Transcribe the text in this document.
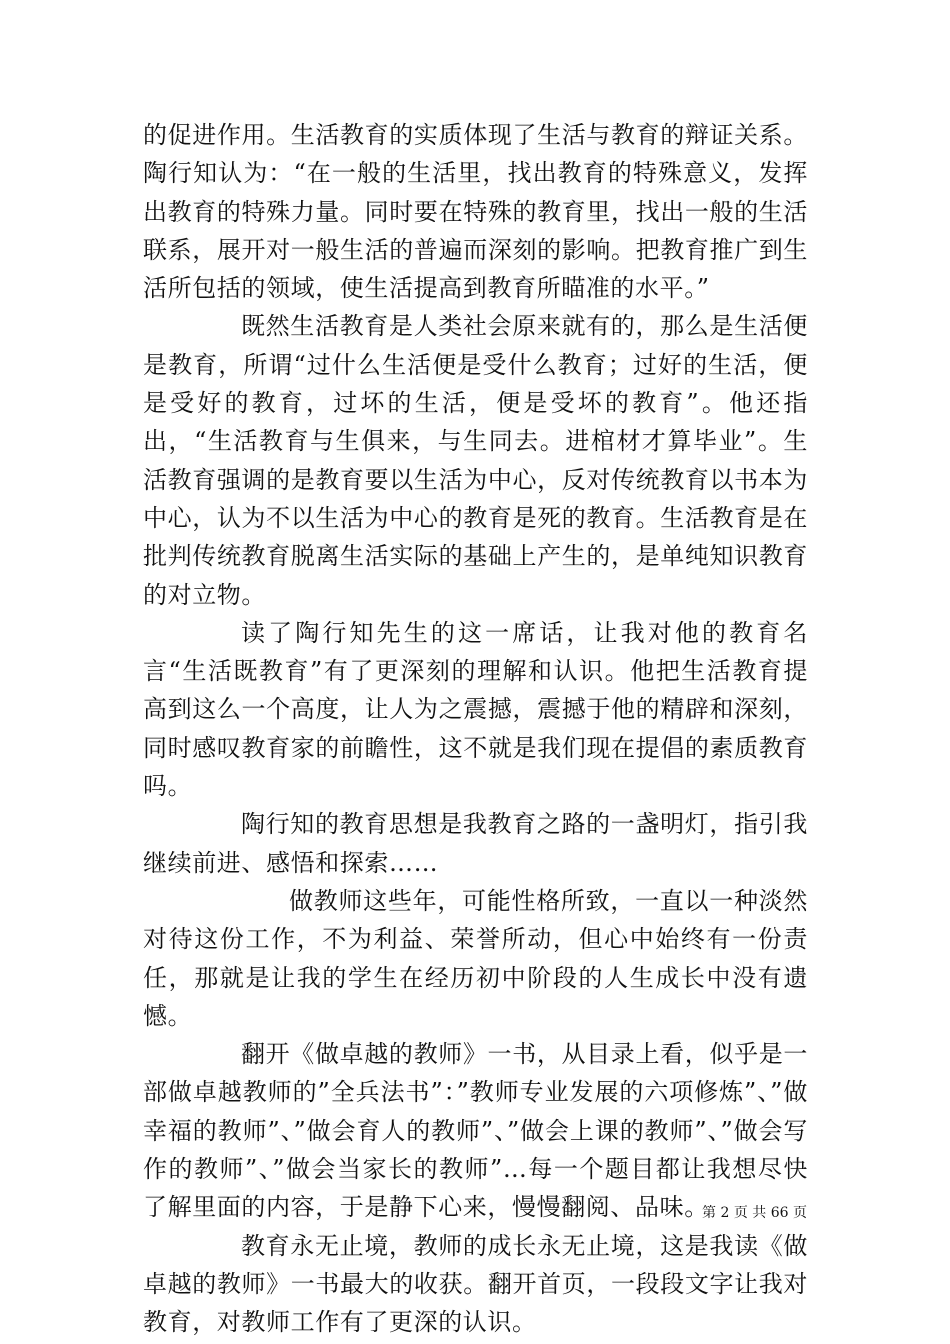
的促进作用。生活教育的实质体现了生活与教育的辩证关系。陶行知认为：“在一般的生活里，找出教育的特殊意义，发挥出教育的特殊力量。同时要在特殊的教育里，找出一般的生活联系，展开对一般生活的普遍而深刻的影响。把教育推广到生活所包括的领域，使生活提高到教育所瞄准的水平。”

既然生活教育是人类社会原来就有的，那么是生活便是教育，所谓“过什么生活便是受什么教育；过好的生活，便是受好的教育，过坏的生活，便是受坏的教育”。他还指出，“生活教育与生俱来，与生同去。进棺材才算毕业”。生活教育强调的是教育要以生活为中心，反对传统教育以书本为中心，认为不以生活为中心的教育是死的教育。生活教育是在批判传统教育脱离生活实际的基础上产生的，是单纯知识教育的对立物。

读了陶行知先生的这一席话，让我对他的教育名言“生活既教育”有了更深刻的理解和认识。他把生活教育提高到这么一个高度，让人为之震撼，震撼于他的精辟和深刻，同时感叹教育家的前瞻性，这不就是我们现在提倡的素质教育吗。

陶行知的教育思想是我教育之路的一盏明灯，指引我继续前进、感悟和探索……

做教师这些年，可能性格所致，一直以一种淡然对待这份工作，不为利益、荣誉所动，但心中始终有一份责任，那就是让我的学生在经历初中阶段的人生成长中没有遗憾。

翻开《做卓越的教师》一书，从目录上看，似乎是一部做卓越教师的”全兵法书”：”教师专业发展的六项修炼”、”做幸福的教师”、”做会育人的教师”、”做会上课的教师”、”做会写作的教师”、”做会当家长的教师”…每一个题目都让我想尽快了解里面的内容，于是静下心来，慢慢翻阅、品味。

教育永无止境，教师的成长永无止境，这是我读《做卓越的教师》一书最大的收获。翻开首页，一段段文字让我对教育，对教师工作有了更深的认识。

第 2 页 共 66 页
